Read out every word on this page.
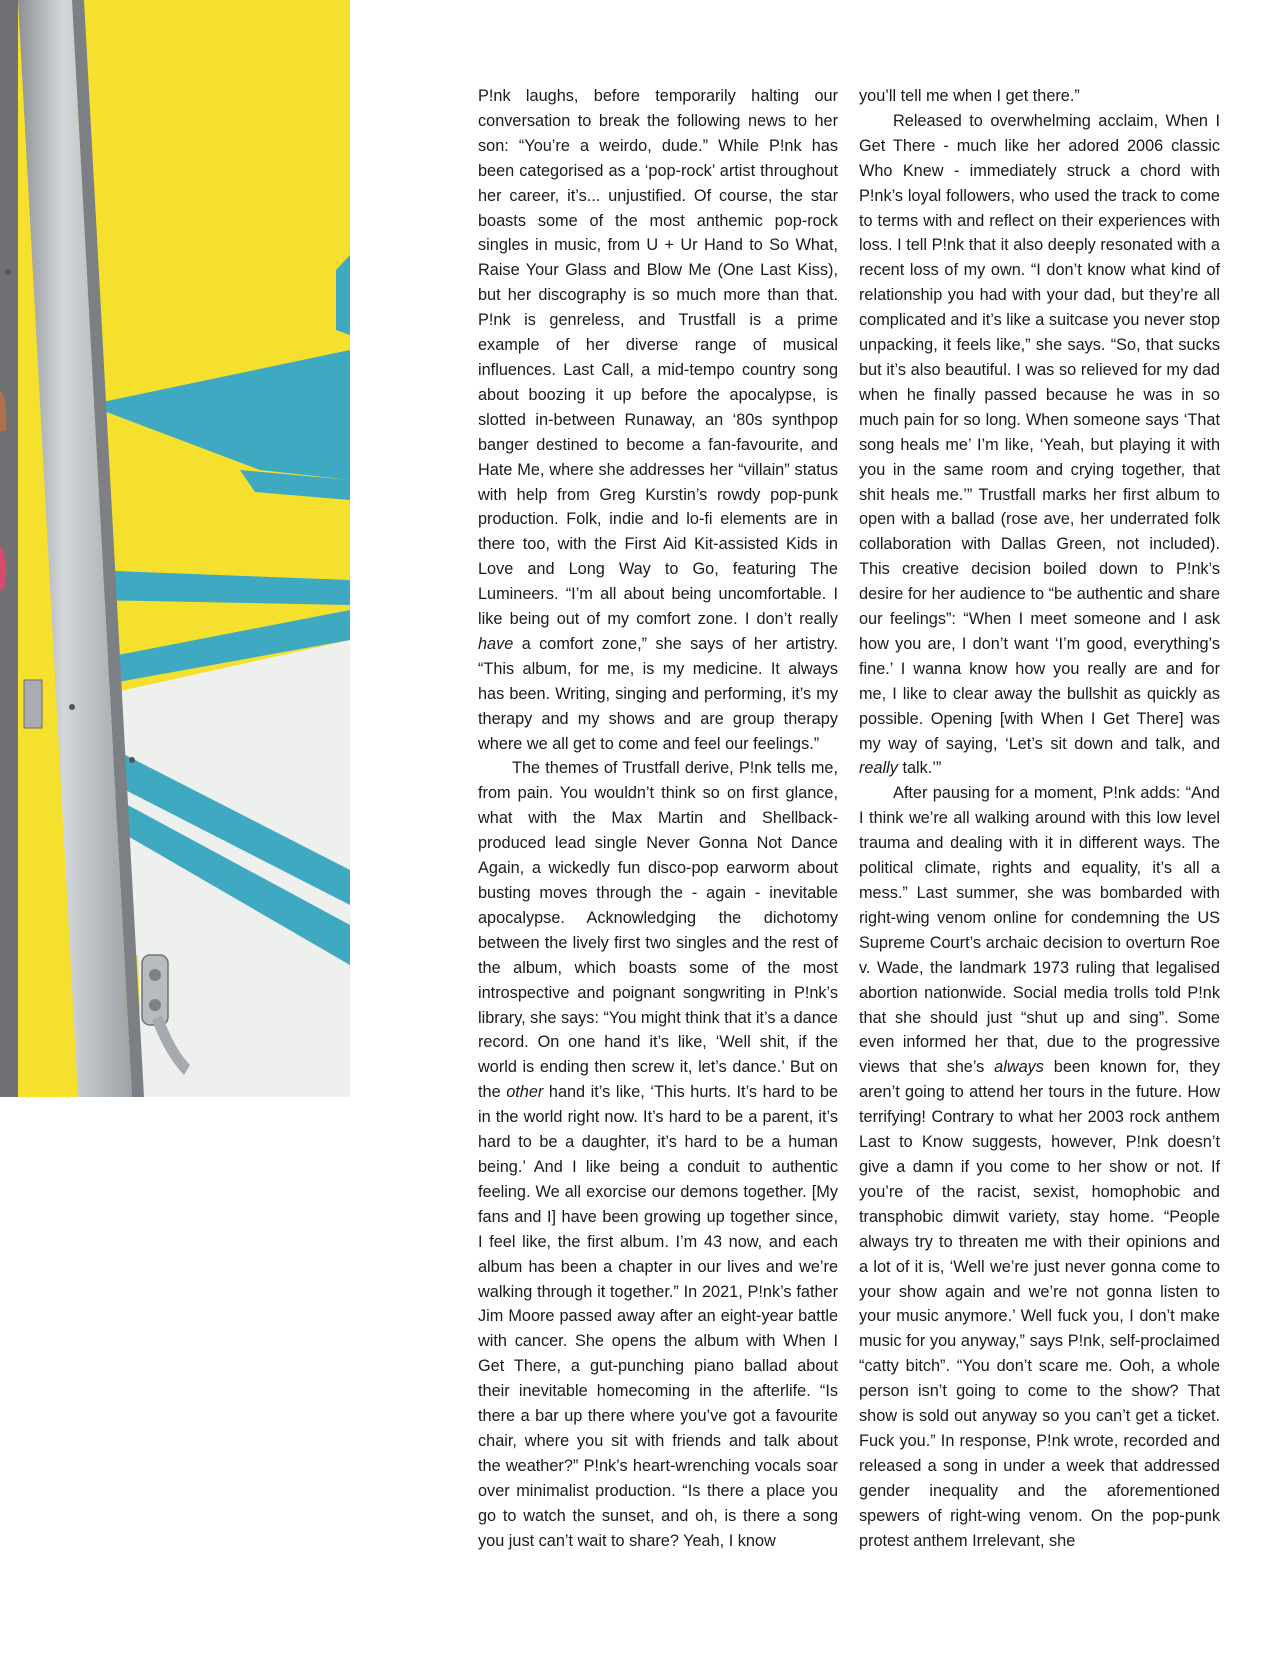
P!nk laughs, before temporarily halting our conversation to break the following news to her son: “You’re a weirdo, dude.” While P!nk has been categorised as a ‘pop-rock’ artist throughout her career, it’s... unjustified. Of course, the star boasts some of the most anthemic pop-rock singles in music, from U + Ur Hand to So What, Raise Your Glass and Blow Me (One Last Kiss), but her discography is so much more than that. P!nk is genreless, and Trustfall is a prime example of her diverse range of musical influences. Last Call, a mid-tempo country song about boozing it up before the apocalypse, is slotted in-between Runaway, an ‘80s synthpop banger destined to become a fan-favourite, and Hate Me, where she addresses her “villain” status with help from Greg Kurstin’s rowdy pop-punk production. Folk, indie and lo-fi elements are in there too, with the First Aid Kit-assisted Kids in Love and Long Way to Go, featuring The Lumineers. “I’m all about being uncomfortable. I like being out of my comfort zone. I don’t really have a comfort zone,” she says of her artistry. “This album, for me, is my medicine. It always has been. Writing, singing and performing, it’s my therapy and my shows and are group therapy where we all get to come and feel our feelings.”

The themes of Trustfall derive, P!nk tells me, from pain. You wouldn’t think so on first glance, what with the Max Martin and Shellback-produced lead single Never Gonna Not Dance Again, a wickedly fun disco-pop earworm about busting moves through the - again - inevitable apocalypse. Acknowledging the dichotomy between the lively first two singles and the rest of the album, which boasts some of the most introspective and poignant songwriting in P!nk’s library, she says: “You might think that it’s a dance record. On one hand it’s like, ‘Well shit, if the world is ending then screw it, let’s dance.’ But on the other hand it’s like, ‘This hurts. It’s hard to be in the world right now. It’s hard to be a parent, it’s hard to be a daughter, it’s hard to be a human being.’ And I like being a conduit to authentic feeling. We all exorcise our demons together. [My fans and I] have been growing up together since, I feel like, the first album. I’m 43 now, and each album has been a chapter in our lives and we’re walking through it together.” In 2021, P!nk’s father Jim Moore passed away after an eight-year battle with cancer. She opens the album with When I Get There, a gut-punching piano ballad about their inevitable homecoming in the afterlife. “Is there a bar up there where you’ve got a favourite chair, where you sit with friends and talk about the weather?” P!nk’s heart-wrenching vocals soar over minimalist production. “Is there a place you go to watch the sunset, and oh, is there a song you just can’t wait to share? Yeah, I know

you’ll tell me when I get there.”

Released to overwhelming acclaim, When I Get There - much like her adored 2006 classic Who Knew - immediately struck a chord with P!nk’s loyal followers, who used the track to come to terms with and reflect on their experiences with loss. I tell P!nk that it also deeply resonated with a recent loss of my own. “I don’t know what kind of relationship you had with your dad, but they’re all complicated and it’s like a suitcase you never stop unpacking, it feels like,” she says. “So, that sucks but it’s also beautiful. I was so relieved for my dad when he finally passed because he was in so much pain for so long. When someone says ‘That song heals me’ I’m like, ‘Yeah, but playing it with you in the same room and crying together, that shit heals me.’” Trustfall marks her first album to open with a ballad (rose ave, her underrated folk collaboration with Dallas Green, not included). This creative decision boiled down to P!nk’s desire for her audience to “be authentic and share our feelings”: “When I meet someone and I ask how you are, I don’t want ‘I’m good, everything’s fine.’ I wanna know how you really are and for me, I like to clear away the bullshit as quickly as possible. Opening [with When I Get There] was my way of saying, ‘Let’s sit down and talk, and really talk.’”

After pausing for a moment, P!nk adds: “And I think we’re all walking around with this low level trauma and dealing with it in different ways. The political climate, rights and equality, it’s all a mess.” Last summer, she was bombarded with right-wing venom online for condemning the US Supreme Court’s archaic decision to overturn Roe v. Wade, the landmark 1973 ruling that legalised abortion nationwide. Social media trolls told P!nk that she should just “shut up and sing”. Some even informed her that, due to the progressive views that she’s always been known for, they aren’t going to attend her tours in the future. How terrifying! Contrary to what her 2003 rock anthem Last to Know suggests, however, P!nk doesn’t give a damn if you come to her show or not. If you’re of the racist, sexist, homophobic and transphobic dimwit variety, stay home. “People always try to threaten me with their opinions and a lot of it is, ‘Well we’re just never gonna come to your show again and we’re not gonna listen to your music anymore.’ Well fuck you, I don’t make music for you anyway,” says P!nk, self-proclaimed “catty bitch”. “You don’t scare me. Ooh, a whole person isn’t going to come to the show? That show is sold out anyway so you can’t get a ticket. Fuck you.” In response, P!nk wrote, recorded and released a song in under a week that addressed gender inequality and the aforementioned spewers of right-wing venom. On the pop-punk protest anthem Irrelevant, she
